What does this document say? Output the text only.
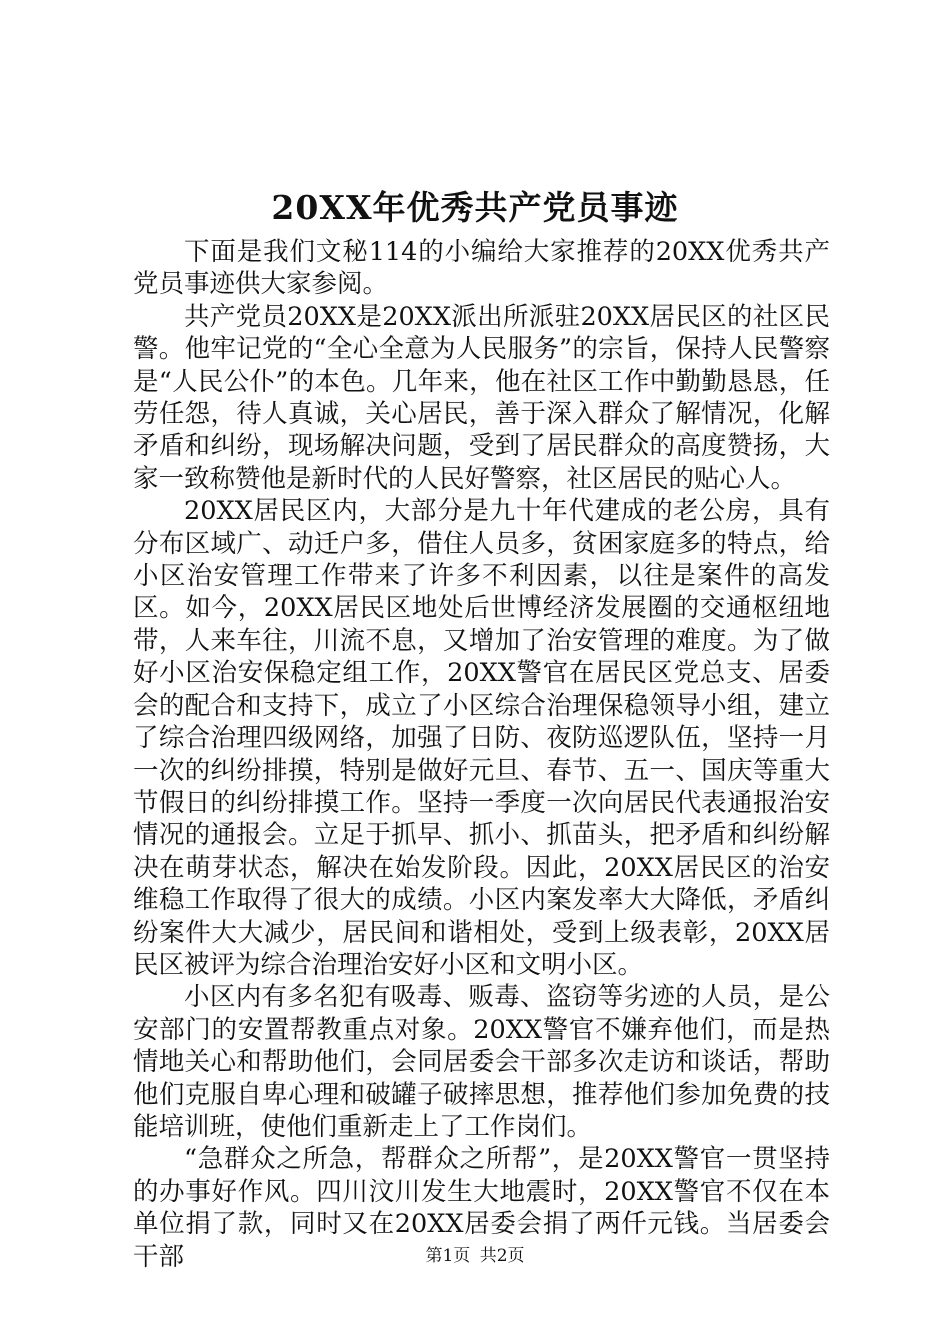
20XX年优秀共产党员事迹

下面是我们文秘114的小编给大家推荐的20XX优秀共产党员事迹供大家参阅。

共产党员20XX是20XX派出所派驻20XX居民区的社区民警。他牢记党的“全心全意为人民服务”的宗旨，保持人民警察是“人民公仆”的本色。几年来，他在社区工作中勤勤恳恳，任劳任怨，待人真诚，关心居民，善于深入群众了解情况，化解矛盾和纠纷，现场解决问题，受到了居民群众的高度赞扬，大家一致称赞他是新时代的人民好警察，社区居民的贴心人。

20XX居民区内，大部分是九十年代建成的老公房，具有分布区域广、动迁户多，借住人员多，贫困家庭多的特点，给小区治安管理工作带来了许多不利因素，以往是案件的高发区。如今，20XX居民区地处后世博经济发展圈的交通枢纽地带，人来车往，川流不息，又增加了治安管理的难度。为了做好小区治安保稳定组工作，20XX警官在居民区党总支、居委会的配合和支持下，成立了小区综合治理保稳领导小组，建立了综合治理四级网络，加强了日防、夜防巡逻队伍，坚持一月一次的纠纷排摸，特别是做好元旦、春节、五一、国庆等重大节假日的纠纷排摸工作。坚持一季度一次向居民代表通报治安情况的通报会。立足于抓早、抓小、抓苗头，把矛盾和纠纷解决在萌芽状态，解决在始发阶段。因此，20XX居民区的治安维稳工作取得了很大的成绩。小区内案发率大大降低，矛盾纠纷案件大大减少，居民间和谐相处，受到上级表彰，20XX居民区被评为综合治理治安好小区和文明小区。

小区内有多名犯有吸毒、贩毒、盗窃等劣迹的人员，是公安部门的安置帮教重点对象。20XX警官不嫌弃他们，而是热情地关心和帮助他们，会同居委会干部多次走访和谈话，帮助他们克服自卑心理和破罐子破摔思想，推荐他们参加免费的技能培训班，使他们重新走上了工作岗们。

“急群众之所急，帮群众之所帮”，是20XX警官一贯坚持的办事好作风。四川汶川发生大地震时，20XX警官不仅在本单位捐了款，同时又在20XX居委会捐了两仟元钱。当居委会干部	第1页 共2页
